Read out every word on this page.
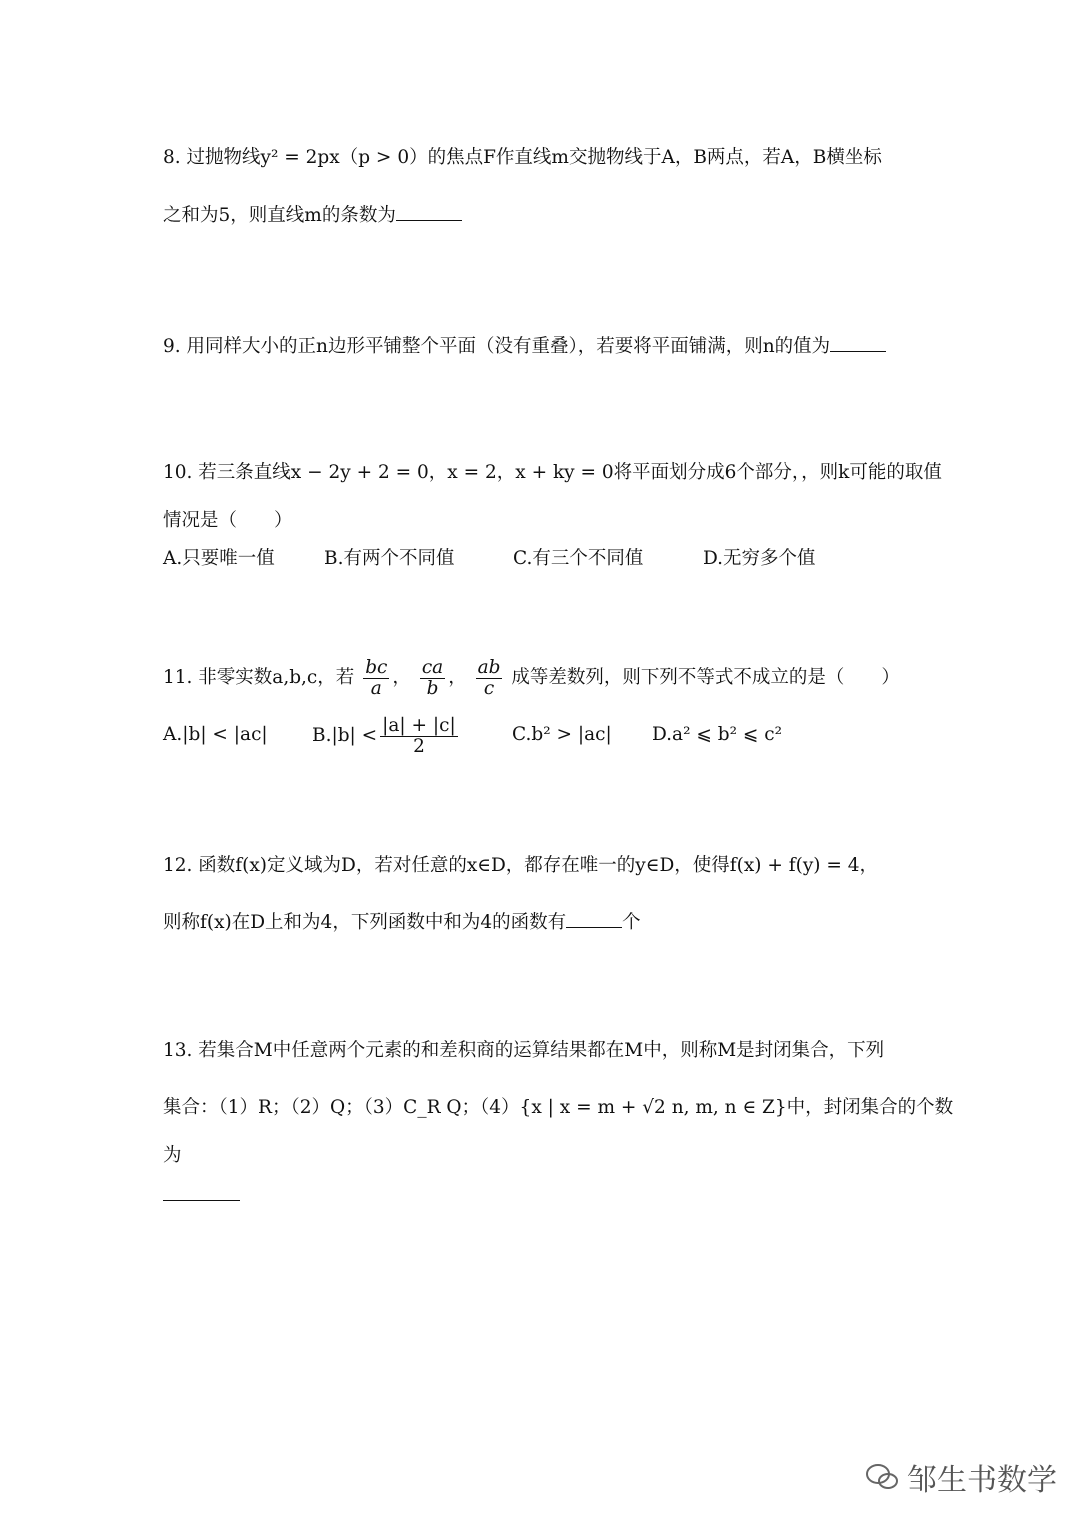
8. 过抛物线y² = 2px（p > 0）的焦点F作直线m交抛物线于A，B两点，若A，B横坐标
之和为5，则直线m的条数为
9. 用同样大小的正n边形平铺整个平面（没有重叠），若要将平面铺满，则n的值为
10. 若三条直线x − 2y + 2 = 0，x = 2，x + ky = 0将平面划分成6个部分，，则k可能的取值
情况是（　　）
A.只要唯一值	B.有两个不同值	C.有三个不同值	D.无穷多个值
11. 非零实数a,b,c，若 $\frac{bc}{a}$ ， $\frac{ca}{b}$ ， $\frac{ab}{c}$ 成等差数列，则下列不等式不成立的是（　　）
A.|b| < |ac| $B.|b| < \frac{|a| + |c|}{2}$	C.b² > |ac| D.a² ⩽ b² ⩽ c²
12. 函数f(x)定义域为D，若对任意的x∈D，都存在唯一的y∈D，使得f(x) + f(y) = 4，
则称f(x)在D上和为4，下列函数中和为4的函数有	个
13. 若集合M中任意两个元素的和差积商的运算结果都在M中，则称M是封闭集合，下列
集合：（1）R；（2）Q；（3）C_R Q；（4）{x | x = m + √2 n, m, n ∈ Z}中，封闭集合的个数
为
邹生书数学
